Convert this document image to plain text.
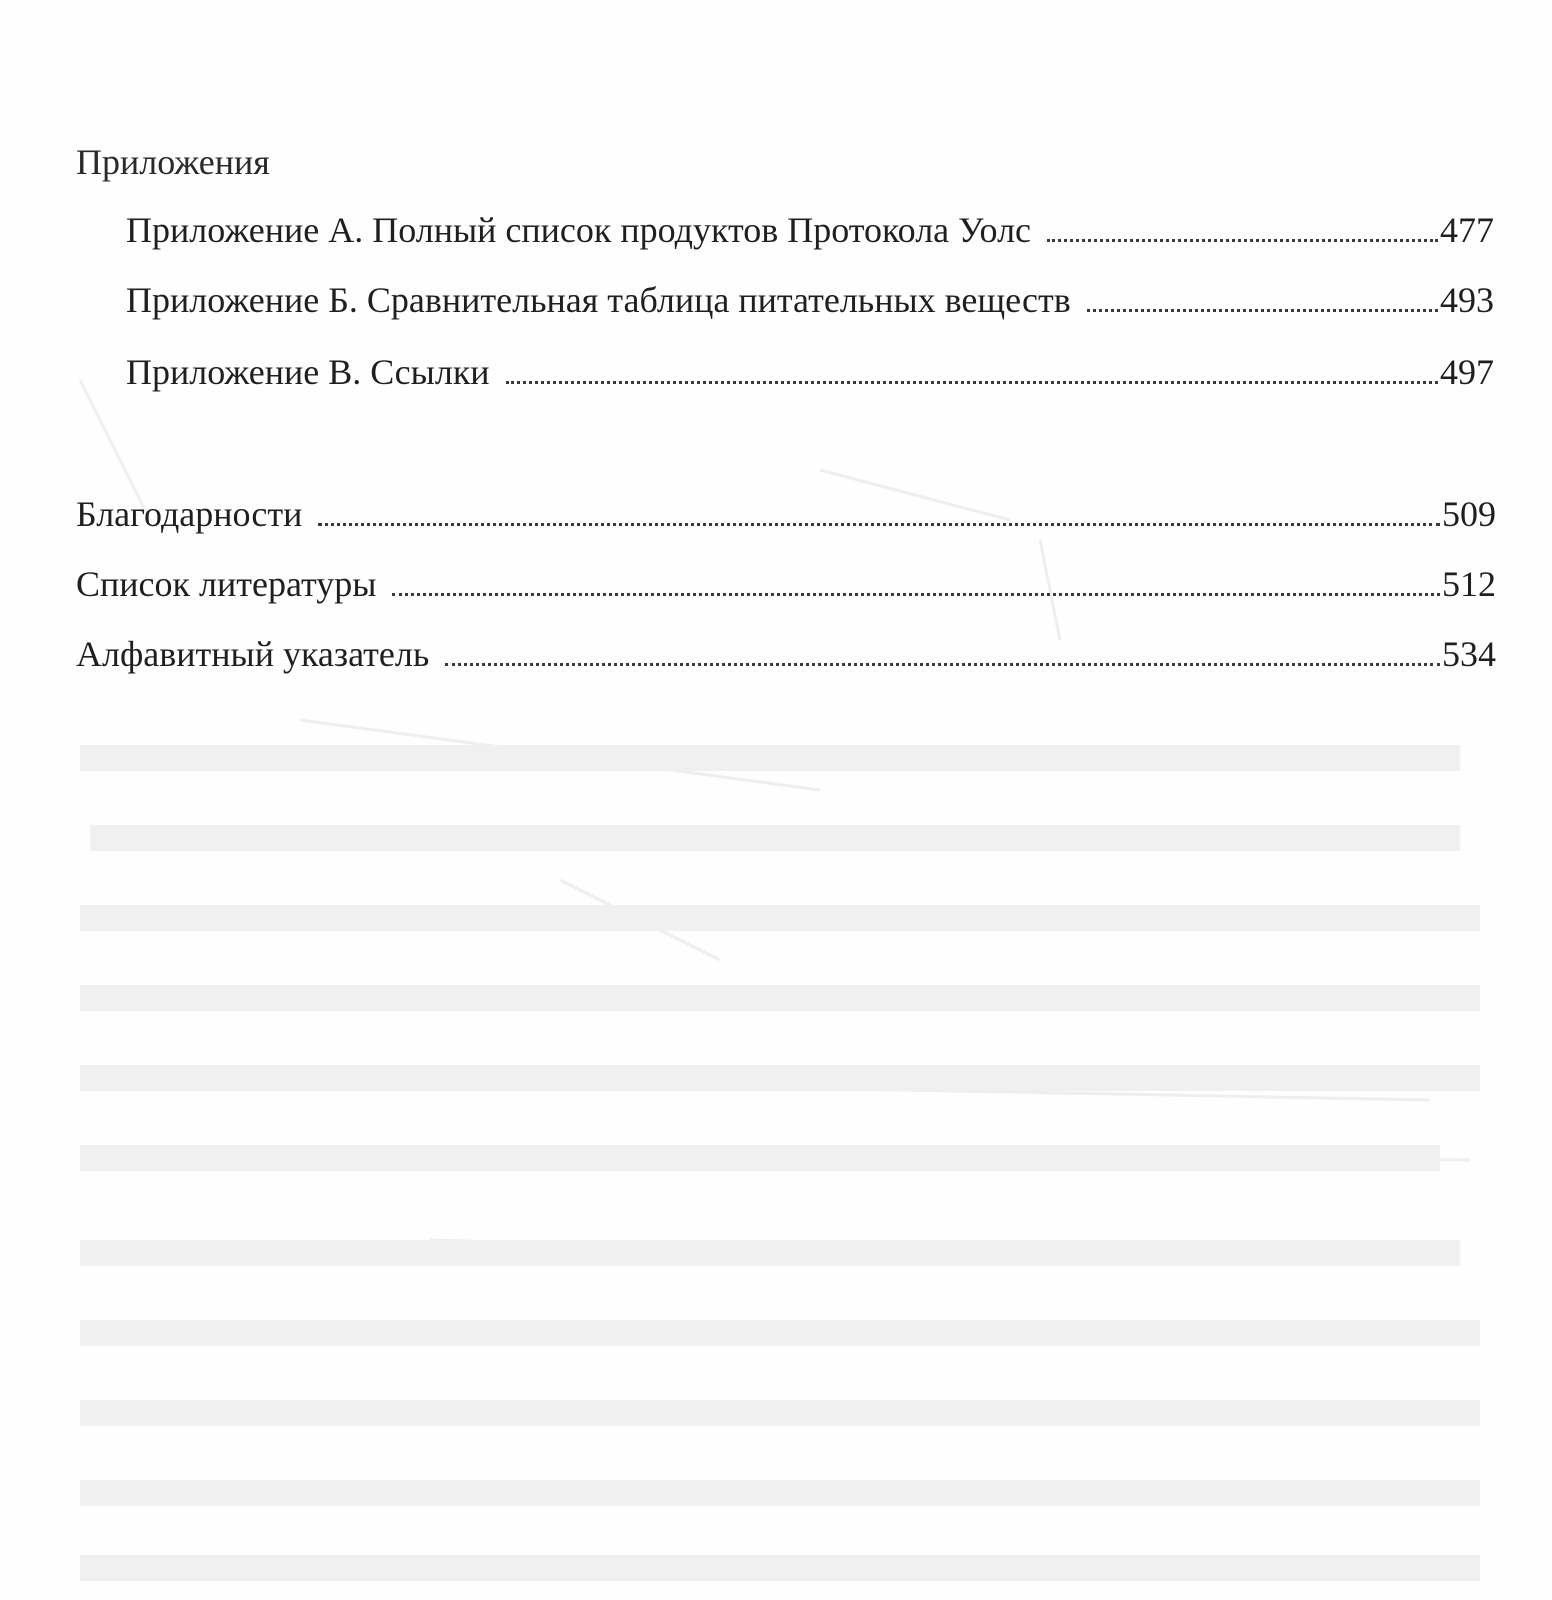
Приложения
Приложение А. Полный список продуктов Протокола Уолс	477
Приложение Б. Сравнительная таблица питательных веществ	493
Приложение В. Ссылки	497
Благодарности	509
Список литературы	512
Алфавитный указатель	534
